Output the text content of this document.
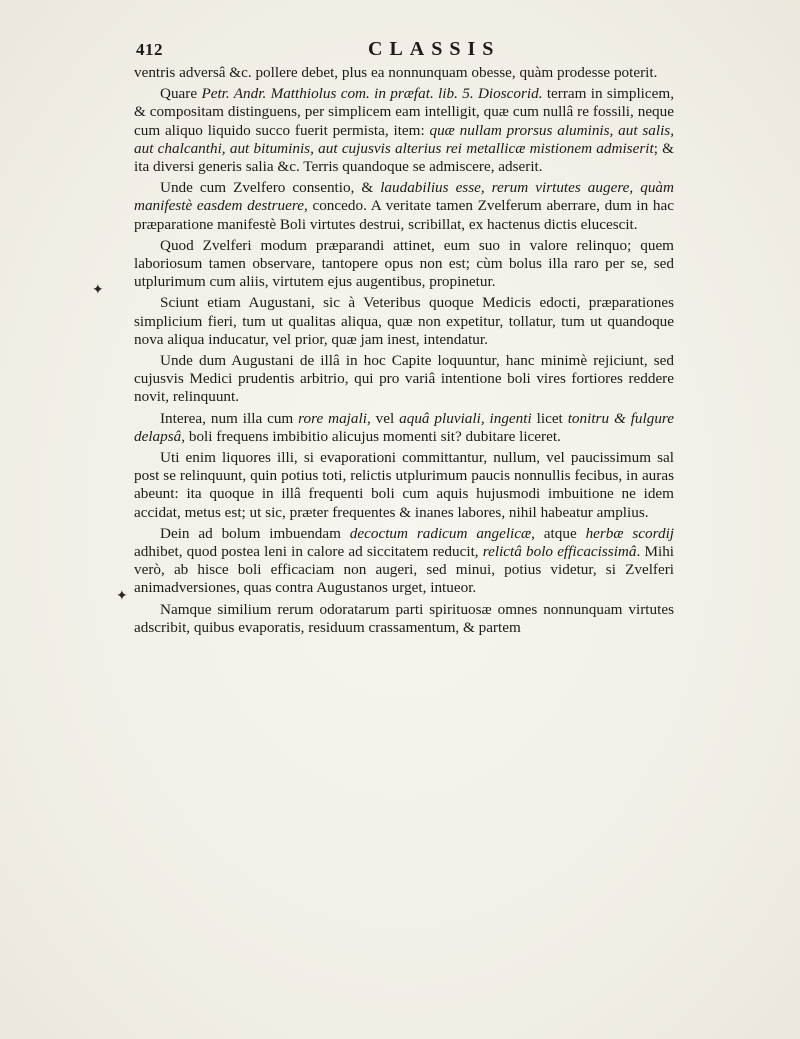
412	CLASSIS

ventris adversâ &c. pollere debet, plus ea nonnunquam obesse, quàm prodesse poterit.

Quare Petr. Andr. Matthiolus com. in præfat. lib. 5. Dioscorid. terram in simplicem, & compositam distinguens, per simplicem eam intelligit, quæ cum nullâ re fossili, neque cum aliquo liquido succo fuerit permista, item: quæ nullam prorsus aluminis, aut salis, aut chalcanthi, aut bituminis, aut cujusvis alterius rei metallicæ mistionem admiserit; & ita diversi generis salia &c. Terris quandoque se admiscere, adserit.

Unde cum Zvelfero consentio, & laudabilius esse, rerum virtutes augere, quàm manifestè easdem destruere, concedo. A veritate tamen Zvelferum aberrare, dum in hac præparatione manifestè Boli virtutes destrui, scribillat, ex hactenus dictis elucescit.

Quod Zvelferi modum præparandi attinet, eum suo in valore relinquo; quem laboriosum tamen observare, tantopere opus non est; cùm bolus illa raro per se, sed utplurimum cum aliis, virtutem ejus augentibus, propinetur.

Sciunt etiam Augustani, sic à Veteribus quoque Medicis edocti, præparationes simplicium fieri, tum ut qualitas aliqua, quæ non expetitur, tollatur, tum ut quandoque nova aliqua inducatur, vel prior, quæ jam inest, intendatur.

Unde dum Augustani de illâ in hoc Capite loquuntur, hanc minimè rejiciunt, sed cujusvis Medici prudentis arbitrio, qui pro variâ intentione boli vires fortiores reddere novit, relinquunt.

Interea, num illa cum rore majali, vel aquâ pluviali, ingenti licet tonitru & fulgure delapsâ, boli frequens imbibitio alicujus momenti sit? dubitare liceret.

Uti enim liquores illi, si evaporationi committantur, nullum, vel paucissimum sal post se relinquunt, quin potius toti, relictis utplurimum paucis nonnullis fecibus, in auras abeunt: ita quoque in illâ frequenti boli cum aquis hujusmodi imbuitione ne idem accidat, metus est; ut sic, præter frequentes & inanes labores, nihil habeatur amplius.

Dein ad bolum imbuendam decoctum radicum angelicæ, atque herbæ scordij adhibet, quod postea leni in calore ad siccitatem reducit, relictâ bolo efficacissimâ. Mihi verò, ab hisce boli efficaciam non augeri, sed minui, potius videtur, si Zvelferi animadversiones, quas contra Augustanos urget, intueor.

Namque similium rerum odoratarum parti spirituosæ omnes nonnunquam virtutes adscribit, quibus evaporatis, residuum crassamentum, & partem

✦
✦
